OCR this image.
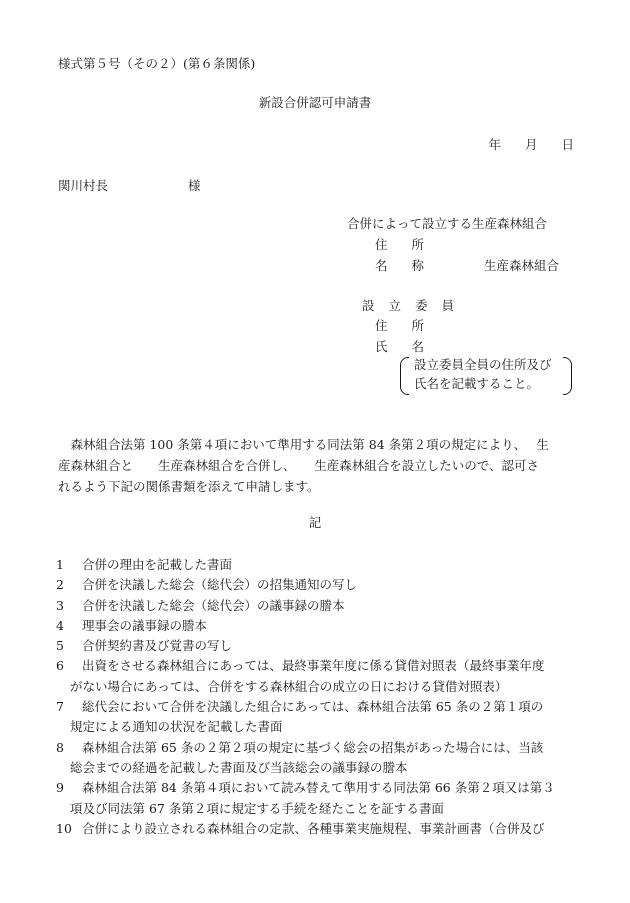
様式第５号（その２）(第６条関係)
新設合併認可申請書
年 月 日
関川村長	様
合併によって設立する生産森林組合
住 所
名 称	生産森林組合
設 立 委 員
住 所
氏 名
設立委員全員の住所及び
氏名を記載すること。
　森林組合法第 100 条第４項において準用する同法第 84 条第２項の規定により、　 生
産森林組合と　　生産森林組合を合併し、　　生産森林組合を設立したいので、認可さ
れるよう下記の関係書類を添えて申請します。
記
1	合併の理由を記載した書面
2	合併を決議した総会（総代会）の招集通知の写し
3	合併を決議した総会（総代会）の議事録の謄本
4	理事会の議事録の謄本
5	合併契約書及び覚書の写し
6	出資をさせる森林組合にあっては、最終事業年度に係る貸借対照表（最終事業年度
がない場合にあっては、合併をする森林組合の成立の日における貸借対照表）
7	総代会において合併を決議した組合にあっては、森林組合法第 65 条の２第１項の
規定による通知の状況を記載した書面
8	森林組合法第 65 条の２第２項の規定に基づく総会の招集があった場合には、当該
総会までの経過を記載した書面及び当該総会の議事録の謄本
9	森林組合法第 84 条第４項において読み替えて準用する同法第 66 条第２項又は第３
項及び同法第 67 条第２項に規定する手続を経たことを証する書面
10 合併により設立される森林組合の定款、各種事業実施規程、事業計画書（合併及び
